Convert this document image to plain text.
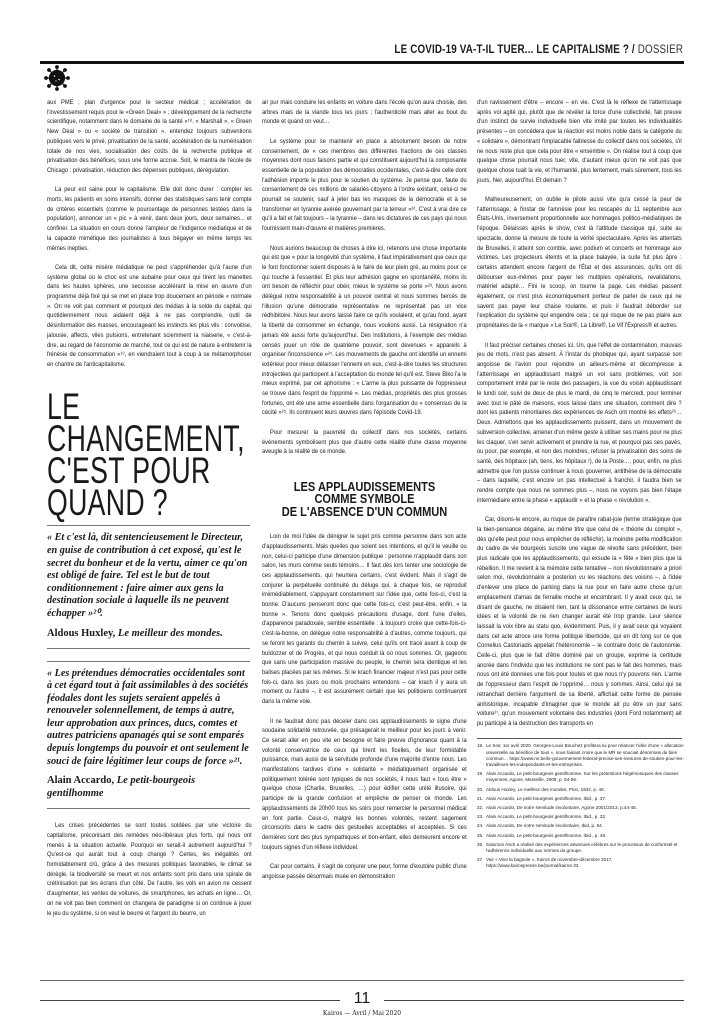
LE COVID-19 VA-T-IL TUER... LE CAPITALISME ? / DOSSIER

aux PME ; plan d'urgence pour le secteur médical ; accélération de l'investissement requis pour le «Green Deal» » ; développement de la recherche scientifique, notamment dans le domaine de la santé »¹⁸. « Marshall », « Green New Deal » ou « société de transition », entendez toujours subventions publiques vers le privé, privatisation de la santé, accélération de la numérisation totale de nos vies, socialisation des coûts de la recherche publique et privatisation des bénéfices, sous une forme accrue. Soit, le mantra de l'école de Chicago : privatisation, réduction des dépenses publiques, dérégulation.

La peur est saine pour le capitalisme. Elle doit donc durer : compter les morts, les patients en soins intensifs, donner des statistiques sans tenir compte de critères essentiels (comme le pourcentage de personnes testées dans la population), annoncer un « pic » à venir, dans deux jours, deux semaines... et confiner. La situation en cours donne l'ampleur de l'indigence médiatique et de la capacité mimétique des journalistes à tous bégayer en même temps les mêmes inepties.

Cela dit, cette misère médiatique ne peut s'appréhender qu'à l'aune d'un système global où le choc est une aubaine pour ceux qui tirent les manettes dans les hautes sphères, une secousse accélérant la mise en œuvre d'un programme déjà fixé qui se met en place trop doucement en période « normale ». On ne voit pas comment et pourquoi des médias à la solde du capital, qui quotidiennement nous aidaient déjà à ne pas comprendre, outil de désinformation des masses, encourageant les instincts les plus vils : convoitise, jalousie, affects, viles pulsions, entretenant sciemment la niaiserie, « c'est-à-dire, au regard de l'économie de marché, tout ce qui est de nature à entretenir la frénésie de consommation »¹⁹, en viendraient tout à coup à se métamorphoser en chantre de l'anticapitalisme.

LE
CHANGEMENT,
C'EST POUR
QUAND ?
« Et c'est là, dit sentencieusement le Directeur, en guise de contribution à cet exposé, qu'est le secret du bonheur et de la vertu, aimer ce qu'on est obligé de faire. Tel est le but de tout conditionnement : faire aimer aux gens la destination sociale à laquelle ils ne peuvent échapper »²⁰.
Aldous Huxley, Le meilleur des mondes.
« Les prétendues démocraties occidentales sont à cet égard tout à fait assimilables à des sociétés féodales dont les sujets seraient appelés à renouveler solennellement, de temps à autre, leur approbation aux princes, ducs, comtes et autres patriciens apanagés qui se sont emparés depuis longtemps du pouvoir et ont seulement le souci de faire légitimer leur coups de force »²¹.
Alain Accardo, Le petit-bourgeois gentilhomme

Les crises précédentes se sont toutes soldées par une victoire du capitalisme, préconisant des remèdes néo-libéraux plus forts, qui nous ont menés à la situation actuelle. Pourquoi en serait-il autrement aujourd'hui ? Qu'est-ce qui aurait tout à coup changé ? Certes, les inégalités ont formidablement crû, grâce à des mesures politiques favorables, le climat se dérègle, la biodiversité se meurt et nos enfants sont pris dans une spirale de crétinisation par les écrans d'un côté. De l'autre, les vols en avion ne cessent d'augmenter, les ventes de voitures, de smartphones, les achats en ligne… Or, on ne voit pas bien comment on changera de paradigme si on continue à jouer le jeu du système, si on veut le beurre et l'argent du beurre, un

air pur mais conduire les enfants en voiture dans l'école qu'on aura choisie, des arbres mais de la viande tous les jours ; l'authenticité mais aller au bout du monde et quand on veut…

Le système pour se maintenir en place a absolument besoin de notre consentement, de « ces membres des différentes fractions de ces classes moyennes dont nous faisons partie et qui constituent aujourd'hui la composante essentielle de la population des démocraties occidentales, c'est-à-dire celle dont l'adhésion importe le plus pour le soutien du système. Je pense que, faute du consentement de ces millions de salariés-citoyens à l'ordre existant, celui-ci ne pourrait se soutenir, sauf à jeter bas les masques de la démocratie et à se transformer en tyrannie avérée gouvernant par la terreur »²². C'est à vrai dire ce qu'il a fait et fait toujours – la tyrannie – dans les dictatures de ces pays qui nous fournissent main-d'œuvre et matières premières.

Nous aurions beaucoup de choses à dire ici, retenons une chose importante qui est que « pour la longévité d'un système, il faut impérativement que ceux qui le font fonctionner soient disposés à le faire de leur plein gré, au moins pour ce qui touche à l'essentiel. Et plus leur adhésion gagne en spontanéité, moins ils ont besoin de réfléchir pour obéir, mieux le système se porte »²³. Nous avons délégué notre responsabilité à un pouvoir central et nous sommes bercés de l'illusion qu'une démocratie représentative ne représentait pas un vice rédhibitoire. Nous leur avons laissé faire ce qu'ils voulaient, et qu'au fond, ayant la liberté de consommer en échange, nous voulions aussi. La résignation n'a jamais été aussi forte qu'aujourd'hui. Des institutions, à l'exemple des médias censés jouer un rôle de quatrième pouvoir, sont devenues « appareils à organiser l'inconscience »²⁴. Les mouvements de gauche ont identifié un ennemi extérieur pour mieux délaisser l'ennemi en eux, c'est-à-dire toutes les structures introjectées qui participent à l'acceptation du monde tel qu'il est. Steve Biko l'a le mieux exprimé, par cet aphorisme : « L'arme la plus puissante de l'oppresseur se trouve dans l'esprit de l'opprimé ». Les médias, propriétés des plus grosses fortunes, ont été une arme essentielle dans l'organisation du « consensus de la cécité »²⁵. Ils continuent leurs œuvres dans l'épisode Covid-19.

Pour mesurer la pauvreté du collectif dans nos sociétés, certains événements symbolisent plus que d'autre cette réalité d'une classe moyenne aveugle à la réalité de ce monde.

LES APPLAUDISSEMENTS
COMME SYMBOLE
DE L'ABSENCE D'UN COMMUN

Loin de moi l'idée de dénigrer le sujet pris comme personne dans son acte d'applaudissements. Mais quelles que soient ses intentions, et qu'il le veuille ou non, celui-ci participe d'une dimension publique : personne n'applaudit dans son salon, les murs comme seuls témoins… Il faut dès lors tenter une sociologie de ces applaudissements, qui heurtera certains, c'est évident. Mais il s'agit de conjurer la perpétuelle continuité du déluge qui, à chaque fois, se reproduit irrémédiablement, s'appuyant constamment sur l'idée que, cette fois-ci, c'est la bonne. D'aucuns penseront donc que cette fois-ci, c'est peut-être, enfin, « la bonne ». Tenons donc quelques précautions d'usage, dont l'une d'elles, d'apparence paradoxale, semble essentielle : à toujours croire que cette-fois-ci-c'est-la-bonne, on délègue notre responsabilité à d'autres, comme toujours, qui se feront les garants du chemin à suivre, celui qu'ils ont tracé avant à coup de buldozzer et de Progrès, et qui nous conduit là où nous sommes. Or, gageons que sans une participation massive du peuple, le chemin sera identique et les balises placées par les mêmes. Si le krach financier majeur n'est pas pour cette fois-ci, dans les jours ou mois prochains entendons – car krach il y aura un moment ou l'autre –, il est assurément certain que les politiciens continueront dans la même voie.

Il ne faudrait donc pas déceler dans ces applaudissements le signe d'une soudaine solidarité retrouvée, qui présagerait le meilleur pour les jours à venir. Ce serait aller en peu vite en besogne et faire preuve d'ignorance quant à la volonté conservatrice de ceux qui tirent les ficelles, de leur formidable puissance, mais aussi de la servitude profonde d'une majorité d'entre nous. Les manifestations tardives d'une « solidarité » médiatiquement organisée et politiquement tolérée sont typiques de nos sociétés, il nous faut « tous être » quelque chose (Charlie, Bruxelles, …) pour édifier cette unité illusoire, qui participe de la grande confusion et empêche de penser ce monde. Les applaudissements de 20h00 tous les soirs pour remercier le personnel médical en font partie. Ceux-ci, malgré les bonnes volontés, restent sagement circonscrits dans le cadre des gestuelles acceptables et acceptées. Si ces dernières sont des plus sympathiques et bon-enfant, elles demeurent encore et toujours signes d'un réflexe individuel.

Car pour certains, il s'agit de conjurer une peur, forme d'exutoire public d'une angoisse passée désormais muée en démonstration

d'un ravissement d'être – encore – en vie. C'est là le réflexe de l'atterrissage après vol agité qui, plutôt que de révéler la force d'une collectivité, fait preuve d'un instinct de survie individuelle bien vite imité par toutes les individualités présentes – on concédera que la réaction est moins noble dans la catégorie du « solidaire », démontrant l'implacable faiblesse du collectif dans nos sociétés, s'il ne nous reste plus que cela pour être « ensemble ». On réalise tout à coup que quelque chose pourrait nous tuer, vite, d'autant mieux qu'on ne voit pas que quelque chose tuait la vie, et l'humanité, plus lentement, mais sûrement, tous les jours, hier, aujourd'hui. Et demain ?

Malheureusement, on oublie le pilote aussi vite qu'a cessé la peur de l'atterrissage, à l'instar de l'amnésie pour les rescapés du 11 septembre aux États-Unis, inversement proportionnelle aux hommages politico-médiatiques de l'époque. Délaissés après le show, c'est là l'attitude classique qui, suite au spectacle, donne la mesure de toute la vérité spectaculaire. Après les attentats de Bruxelles, il atteint son comble, avec podium et concerts en hommage aux victimes. Les projecteurs éteints et la place balayée, la suite fut plus âpre : certains attendent encore l'argent de l'État et des assurances, qu'ils ont dû débourser eux-mêmes pour payer les multiples opérations, revalidations, matériel adapté… Fini le scoop, on tourne la page. Les médias passent également, ce n'est plus économiquement porteur de parler de ceux qui ne savent pas payer leur chaise roulante, et puis il faudrait déborder sur l'explication du système qui engendre cela ; ce qui risque de ne pas plaire aux propriétaires de la « marque » Le Soir®, La Libre®, Le Vif l'Express® et autres.

Il faut préciser certaines choses ici. Un, que l'effet de contamination, mauvais jeu de mots, n'est pas absent. À l'instar du phobique qui, ayant surpassé son angoisse de l'avion pour rejoindre un ailleurs-même et décompresse à l'atterrissage en applaudissant malgré un vol sans problèmes, voit son comportement imité par le reste des passagers, la vue du voisin applaudissant le lundi soir, suivi de deux de plus le mardi, de cinq le mercredi, pour terminer avec tout le pâté de maisons, vous laisse dans une situation, comment dire ? dont les patients minoritaires des expériences de Asch ont montré les effets²⁶… Deux. Admettons que les applaudissements puissent, dans un mouvement de subversion collective, amener d'un même geste à utiliser ses mains pour ne plus les claquer, s'en servir activement et prendre la rue, et pourquoi pas ses pavés, ou pour, par exemple, et non des moindres, refuser la privatisation des soins de santé, des hôpitaux (ah, tiens, les hôpitaux !), de la Poste…, pour, enfin, ne plus admettre que l'on puisse continuer à nous gouverner, antithèse de la démocratie – dans laquelle, c'est encore un pas intellectuel à franchir, il faudra bien se rendre compte que nous ne sommes plus –, nous ne voyons pas bien l'étape intermédiaire entre la phase « applaudir » et la phase « révolution ».

Car, disons-le encore, au risque de paraître rabat-joie (terme stratégique que la bien-pensance dégaine, au même titre que celui de « théorie du complot », dès qu'elle peut pour nous empêcher de réfléchir), la moindre petite modification du cadre de vie bourgeois suscite une vague de révolte sans précédent, bien plus radicale que les applaudissements, qui exsude la « fête » bien plus que la rébellion. Il me revient à la mémoire cette tentative – non révolutionnaire a priori selon moi, révolutionnaire a posteriori vu les réactions des voisins –, à l'idée d'enlever une place de parking dans la rue pour en faire autre chose qu'un emplacement d'amas de ferraille moche et encombrant. Il y avait ceux qui, se disant de gauche, ne disaient rien, tant la dissonance entre certaines de leurs idées et la volonté de ne rien changer aurait été trop grande. Leur silence laissait la voix libre au statu quo, évidemment. Puis, il y avait ceux qui voyaient dans cet acte atroce une forme politique liberticide, qui en dit long sur ce que Cornelius Castoriadis appelait l'hétéronomie – le contraire donc de l'autonomie. Celle-ci, plus que le fait d'être dominé par un groupe, exprime la certitude ancrée dans l'individu que les institutions ne sont pas le fait des hommes, mais nous ont été données une fois pour toutes et que nous n'y pouvons rien. L'arme de l'oppresseur dans l'esprit de l'opprimé… nous y sommes. Ainsi, celui qui se retranchait derrière l'argument de sa liberté, affichait cette forme de pensée anhistorique, incapable d'imaginer que le monde ait pu être un jour sans voiture²⁷, qu'un mouvement volontaire des industries (dont Ford notamment) ait pu participé à la destruction des transports en

18. Le Soir, 1er avril 2020. Georges-Louis Bouchez profitera lui pour relancer l'idée d'une « allocation universelle au bénéfice de tous », nous faisant croire que le MR se souciait désormais du bien commun… https://www.mr.be/le-gouvernement-federal-precise-ses-mesures-de-soutien-pour-les-travailleurs-les-independants-et-les-entreprises.
19. Alain Accardo, Le petit-bourgeois gentilhomme. Sur les prétentions hégémoniques des classes moyennes, Agone, Marseille, 2009, p. 54-55.
20. Aldous Huxley, Le meilleur des mondes, Plon, 1932, p. 48.
21. Alain Accardo, Le petit-bourgeois gentilhomme, Ibid., p. 37.
22. Alain Accardo, De notre servitude involontaire, Agone 2001/2013, p.44-45.
23. Alain Accardo, Le petit-bourgeois gentilhomme, Ibid., p. 32.
24. Alain Accardo, De notre servitude involontaire, Ibid, p. 54.
25. Alain Accardo, Le petit-bourgeois gentilhomme, Ibid., p. 49.
26. Salomon Asch a réalisé des expériences devenues célèbres sur le processus de conformité et l'adhérence individuelle aux normes du groupe.
27. Voir « Vive la bagnole », Kairos de novembre-décembre 2017, https://www.kairospresse.be/journal/kairos-32.
11
Kairos — Avril / Mai 2020
